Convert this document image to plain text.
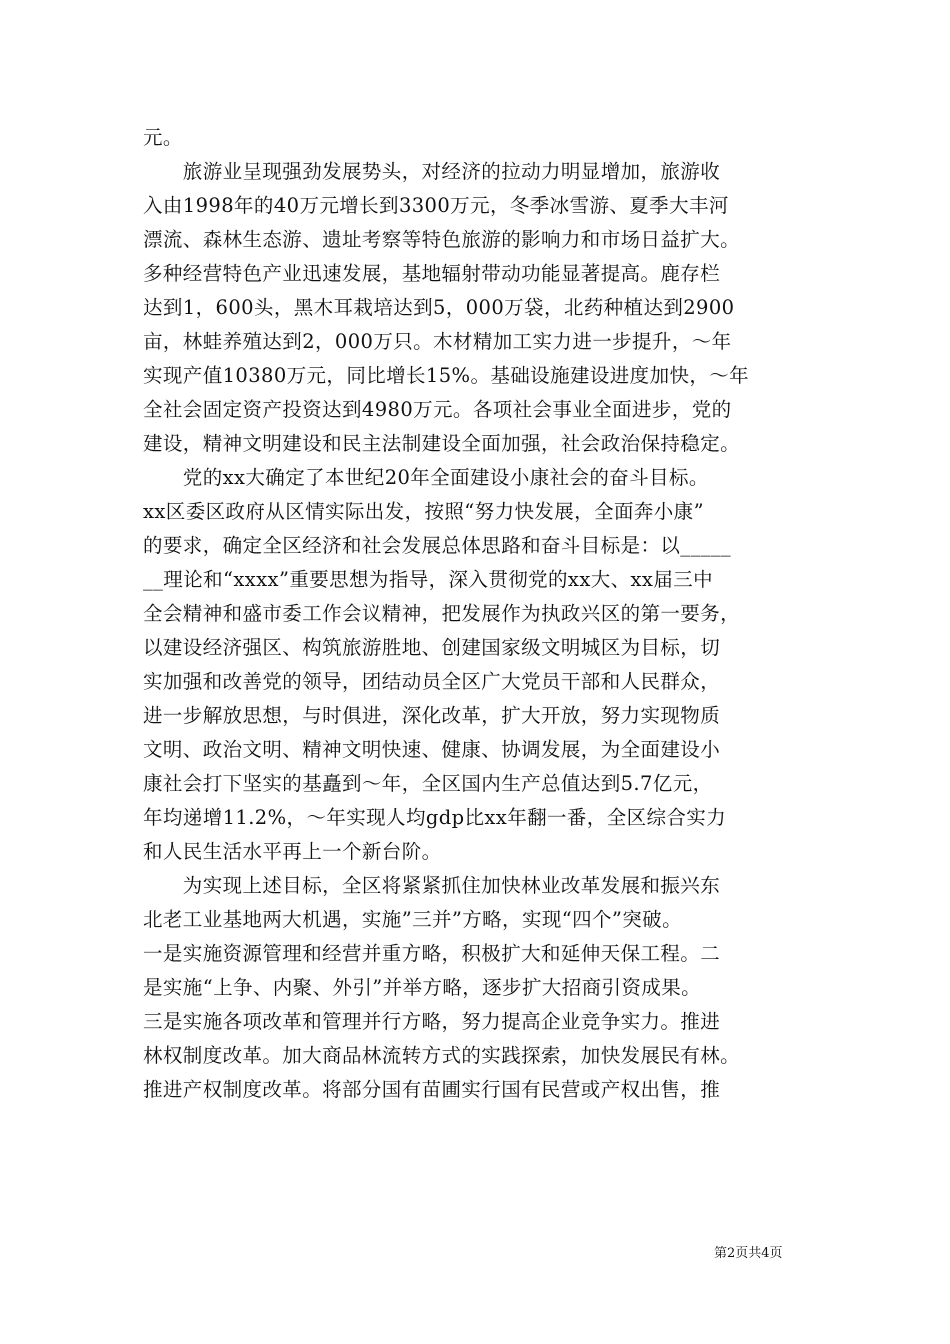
元。
　　旅游业呈现强劲发展势头，对经济的拉动力明显增加，旅游收
入由1998年的40万元增长到3300万元，冬季冰雪游、夏季大丰河
漂流、森林生态游、遗址考察等特色旅游的影响力和市场日益扩大。
多种经营特色产业迅速发展，基地辐射带动功能显著提高。鹿存栏
达到1，600头，黑木耳栽培达到5，000万袋，北药种植达到2900
亩，林蛙养殖达到2，000万只。木材精加工实力进一步提升，～年
实现产值10380万元，同比增长15%。基础设施建设进度加快，～年
全社会固定资产投资达到4980万元。各项社会事业全面进步，党的
建设，精神文明建设和民主法制建设全面加强，社会政治保持稳定。
　　党的xx大确定了本世纪20年全面建设小康社会的奋斗目标。
xx区委区政府从区情实际出发，按照“努力快发展，全面奔小康”
的要求，确定全区经济和社会发展总体思路和奋斗目标是：以_____
__理论和“xxxx”重要思想为指导，深入贯彻党的xx大、xx届三中
全会精神和盛市委工作会议精神，把发展作为执政兴区的第一要务，
以建设经济强区、构筑旅游胜地、创建国家级文明城区为目标，切
实加强和改善党的领导，团结动员全区广大党员干部和人民群众，
进一步解放思想，与时俱进，深化改革，扩大开放，努力实现物质
文明、政治文明、精神文明快速、健康、协调发展，为全面建设小
康社会打下坚实的基矗到～年，全区国内生产总值达到5.7亿元，
年均递增11.2%，～年实现人均gdp比xx年翻一番，全区综合实力
和人民生活水平再上一个新台阶。
　　为实现上述目标，全区将紧紧抓住加快林业改革发展和振兴东
北老工业基地两大机遇，实施”三并”方略，实现“四个”突破。
一是实施资源管理和经营并重方略，积极扩大和延伸天保工程。二
是实施“上争、内聚、外引”并举方略，逐步扩大招商引资成果。
三是实施各项改革和管理并行方略，努力提高企业竞争实力。推进
林权制度改革。加大商品林流转方式的实践探索，加快发展民有林。
推进产权制度改革。将部分国有苗圃实行国有民营或产权出售，推
第2页共4页
